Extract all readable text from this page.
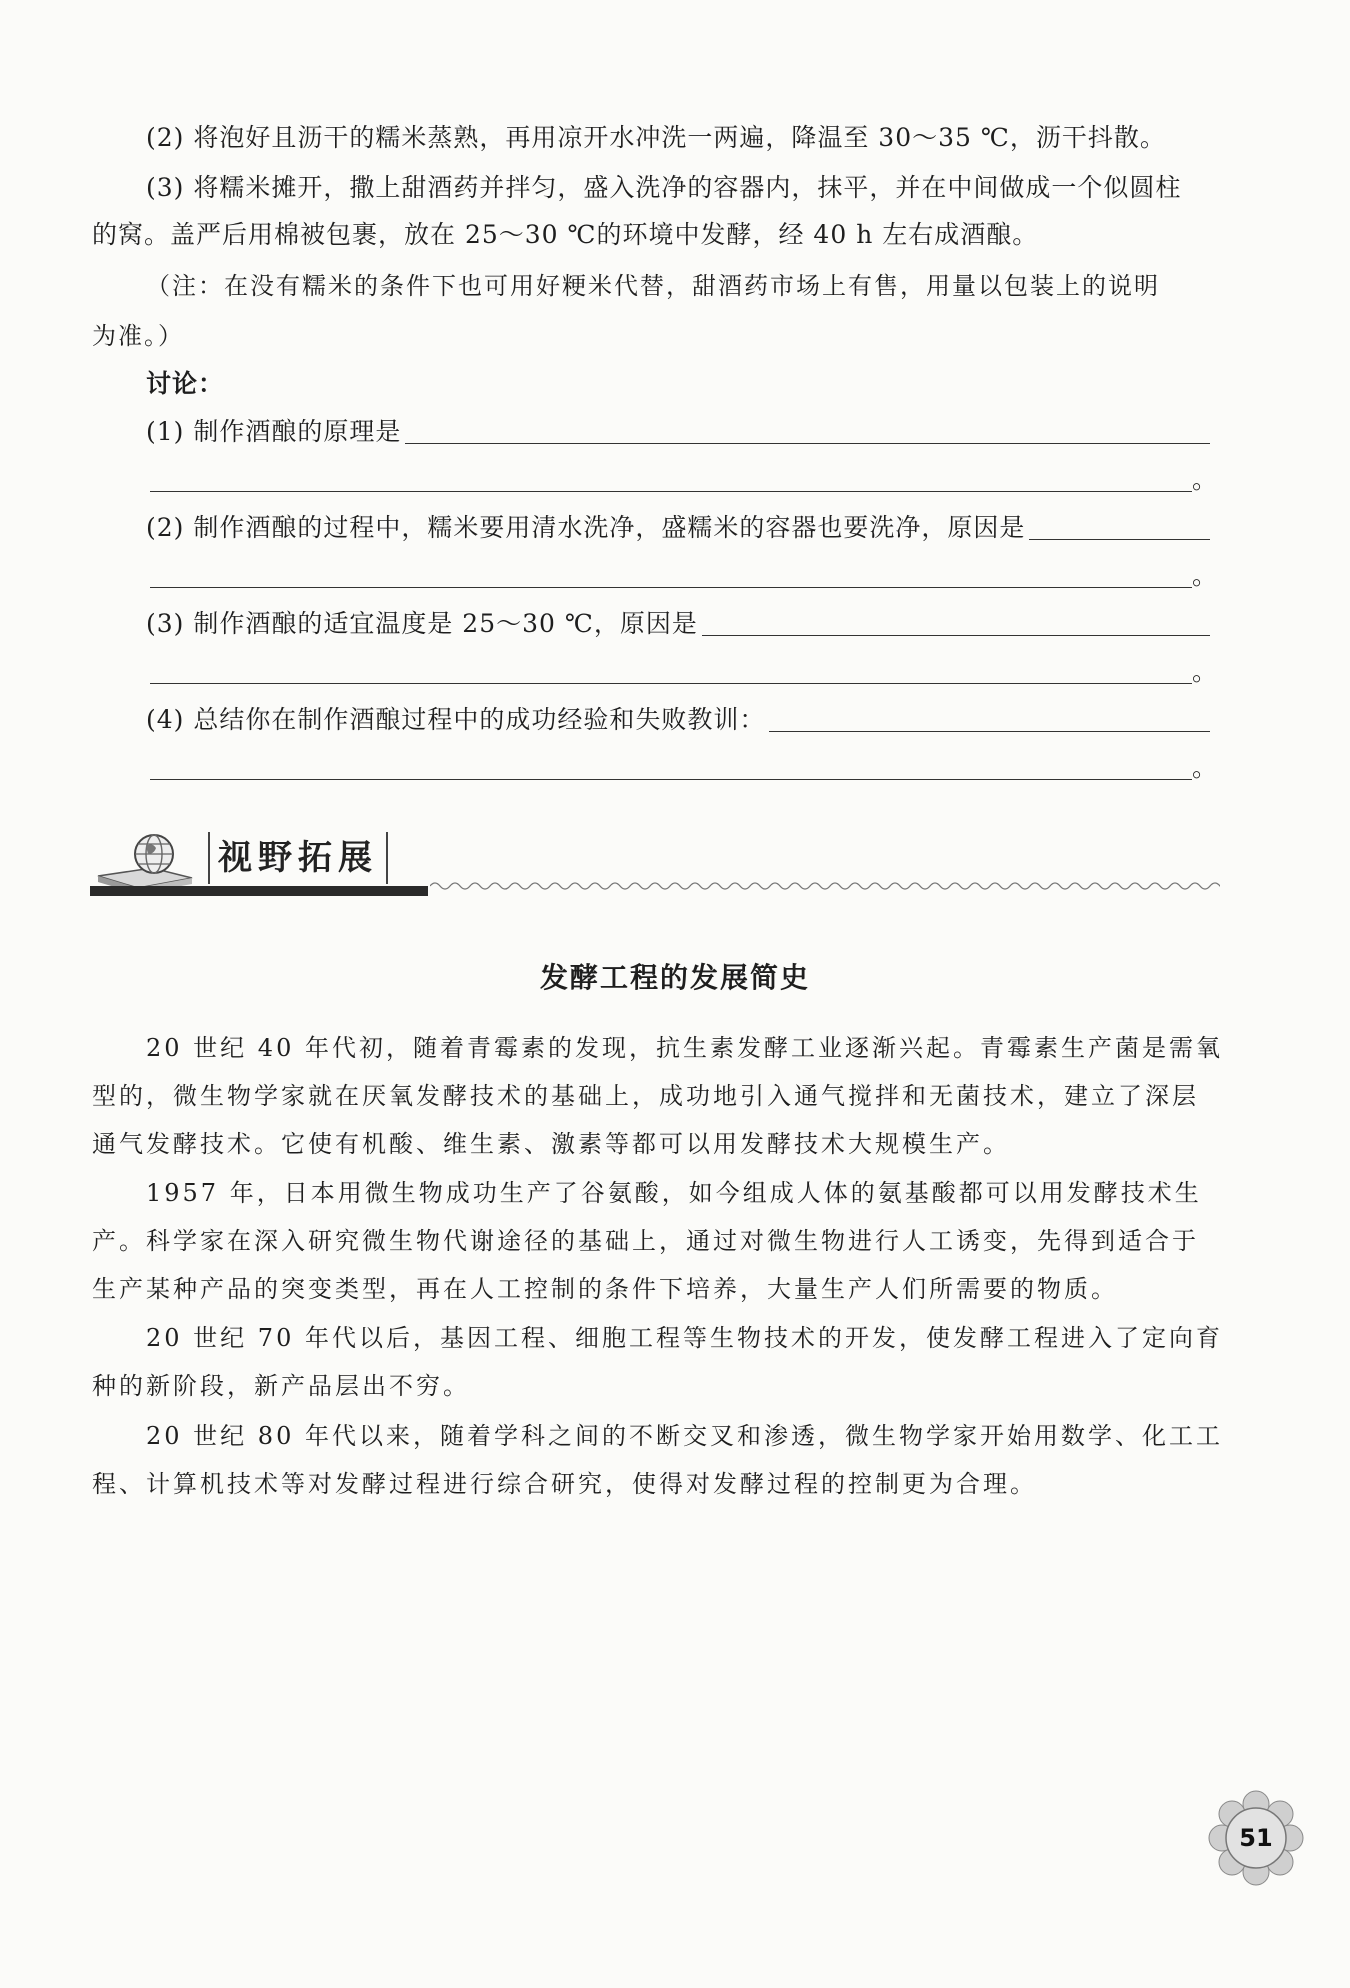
(2) 将泡好且沥干的糯米蒸熟，再用凉开水冲洗一两遍，降温至 30～35 ℃，沥干抖散。
(3) 将糯米摊开，撒上甜酒药并拌匀，盛入洗净的容器内，抹平，并在中间做成一个似圆柱
的窝。盖严后用棉被包裹，放在 25～30 ℃的环境中发酵，经 40 h 左右成酒酿。
（注：在没有糯米的条件下也可用好粳米代替，甜酒药市场上有售，用量以包装上的说明
为准。）
讨论：
(1) 制作酒酿的原理是
。
(2) 制作酒酿的过程中，糯米要用清水洗净，盛糯米的容器也要洗净，原因是
。
(3) 制作酒酿的适宜温度是 25～30 ℃，原因是
。
(4) 总结你在制作酒酿过程中的成功经验和失败教训：
。
视野拓展
发酵工程的发展简史
20 世纪 40 年代初，随着青霉素的发现，抗生素发酵工业逐渐兴起。青霉素生产菌是需氧
型的，微生物学家就在厌氧发酵技术的基础上，成功地引入通气搅拌和无菌技术，建立了深层
通气发酵技术。它使有机酸、维生素、激素等都可以用发酵技术大规模生产。
1957 年，日本用微生物成功生产了谷氨酸，如今组成人体的氨基酸都可以用发酵技术生
产。科学家在深入研究微生物代谢途径的基础上，通过对微生物进行人工诱变，先得到适合于
生产某种产品的突变类型，再在人工控制的条件下培养，大量生产人们所需要的物质。
20 世纪 70 年代以后，基因工程、细胞工程等生物技术的开发，使发酵工程进入了定向育
种的新阶段，新产品层出不穷。
20 世纪 80 年代以来，随着学科之间的不断交叉和渗透，微生物学家开始用数学、化工工
程、计算机技术等对发酵过程进行综合研究，使得对发酵过程的控制更为合理。
51
